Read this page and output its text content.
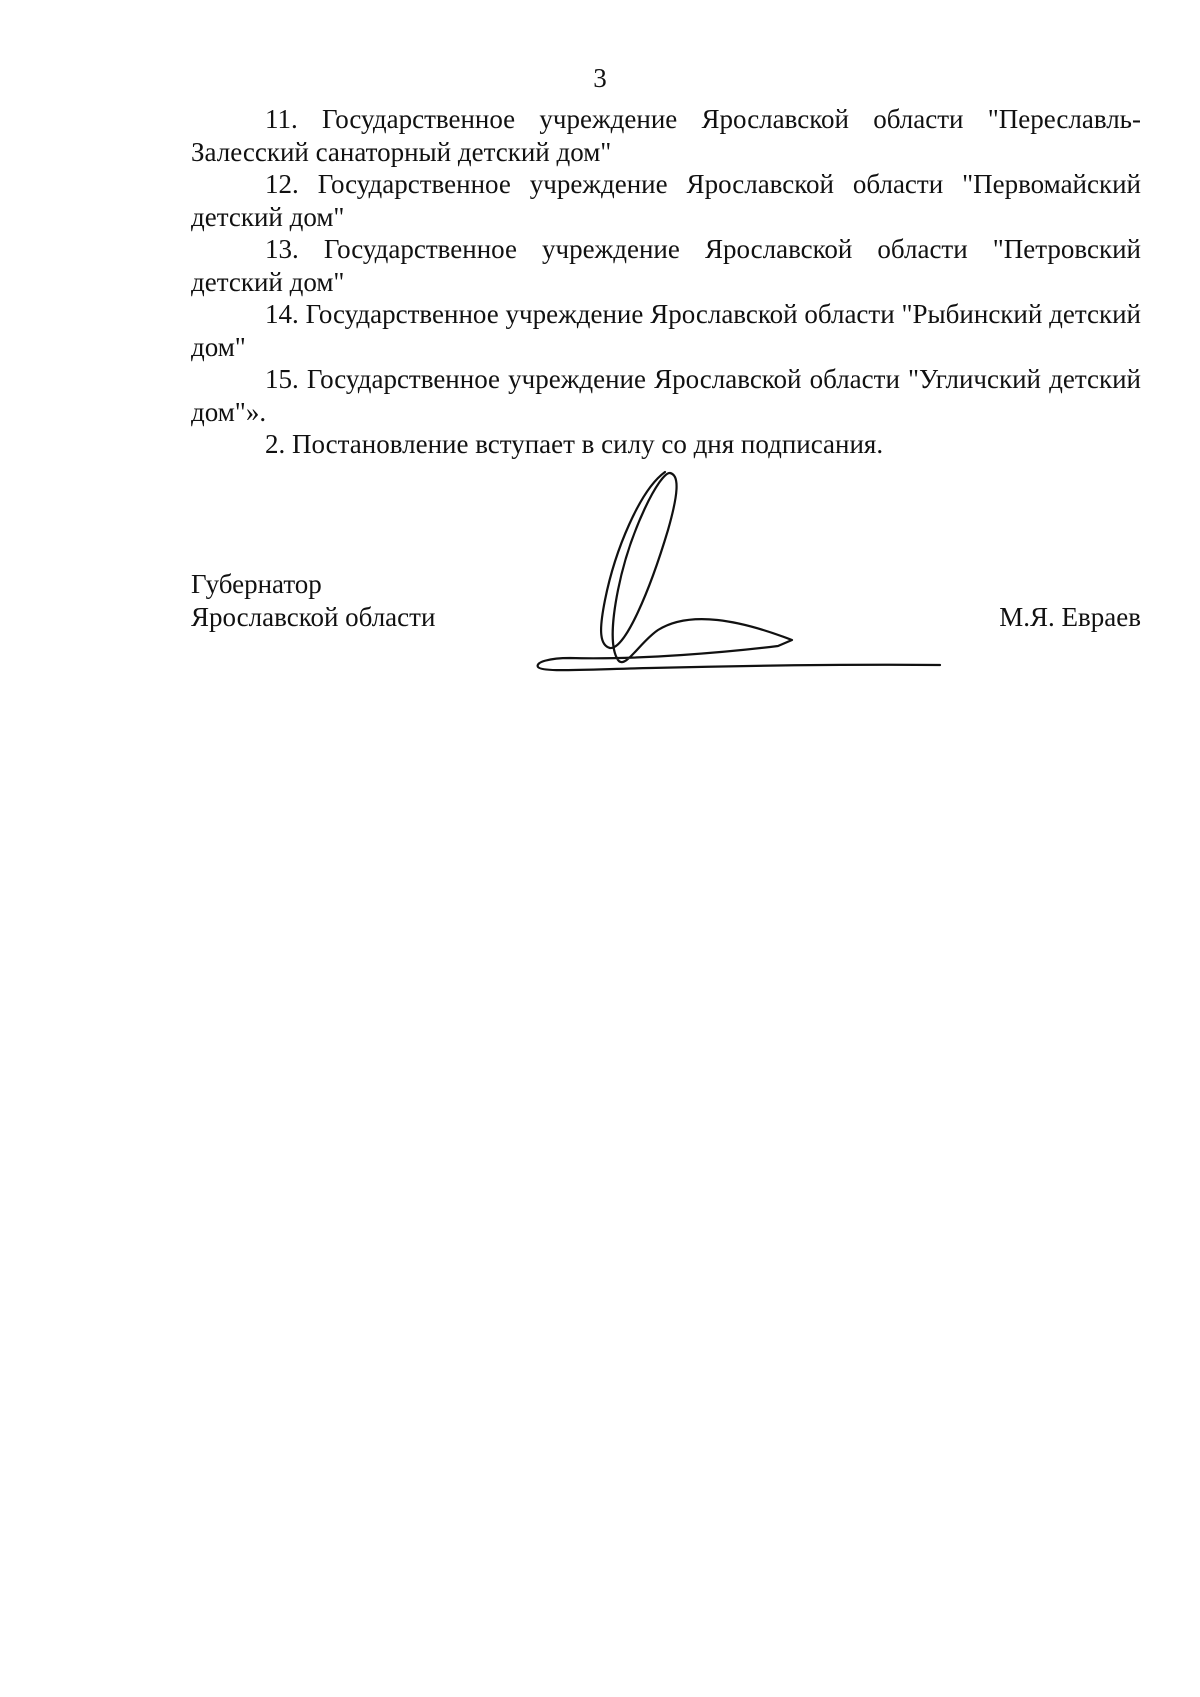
3

11. Государственное учреждение Ярославской области "Переславль-Залесский санаторный детский дом"

12. Государственное учреждение Ярославской области "Первомайский детский дом"

13. Государственное учреждение Ярославской области "Петровский детский дом"

14. Государственное учреждение Ярославской области "Рыбинский детский дом"

15. Государственное учреждение Ярославской области "Угличский детский дом"».

2. Постановление вступает в силу со дня подписания.

Губернатор
Ярославской области	М.Я. Евраев
